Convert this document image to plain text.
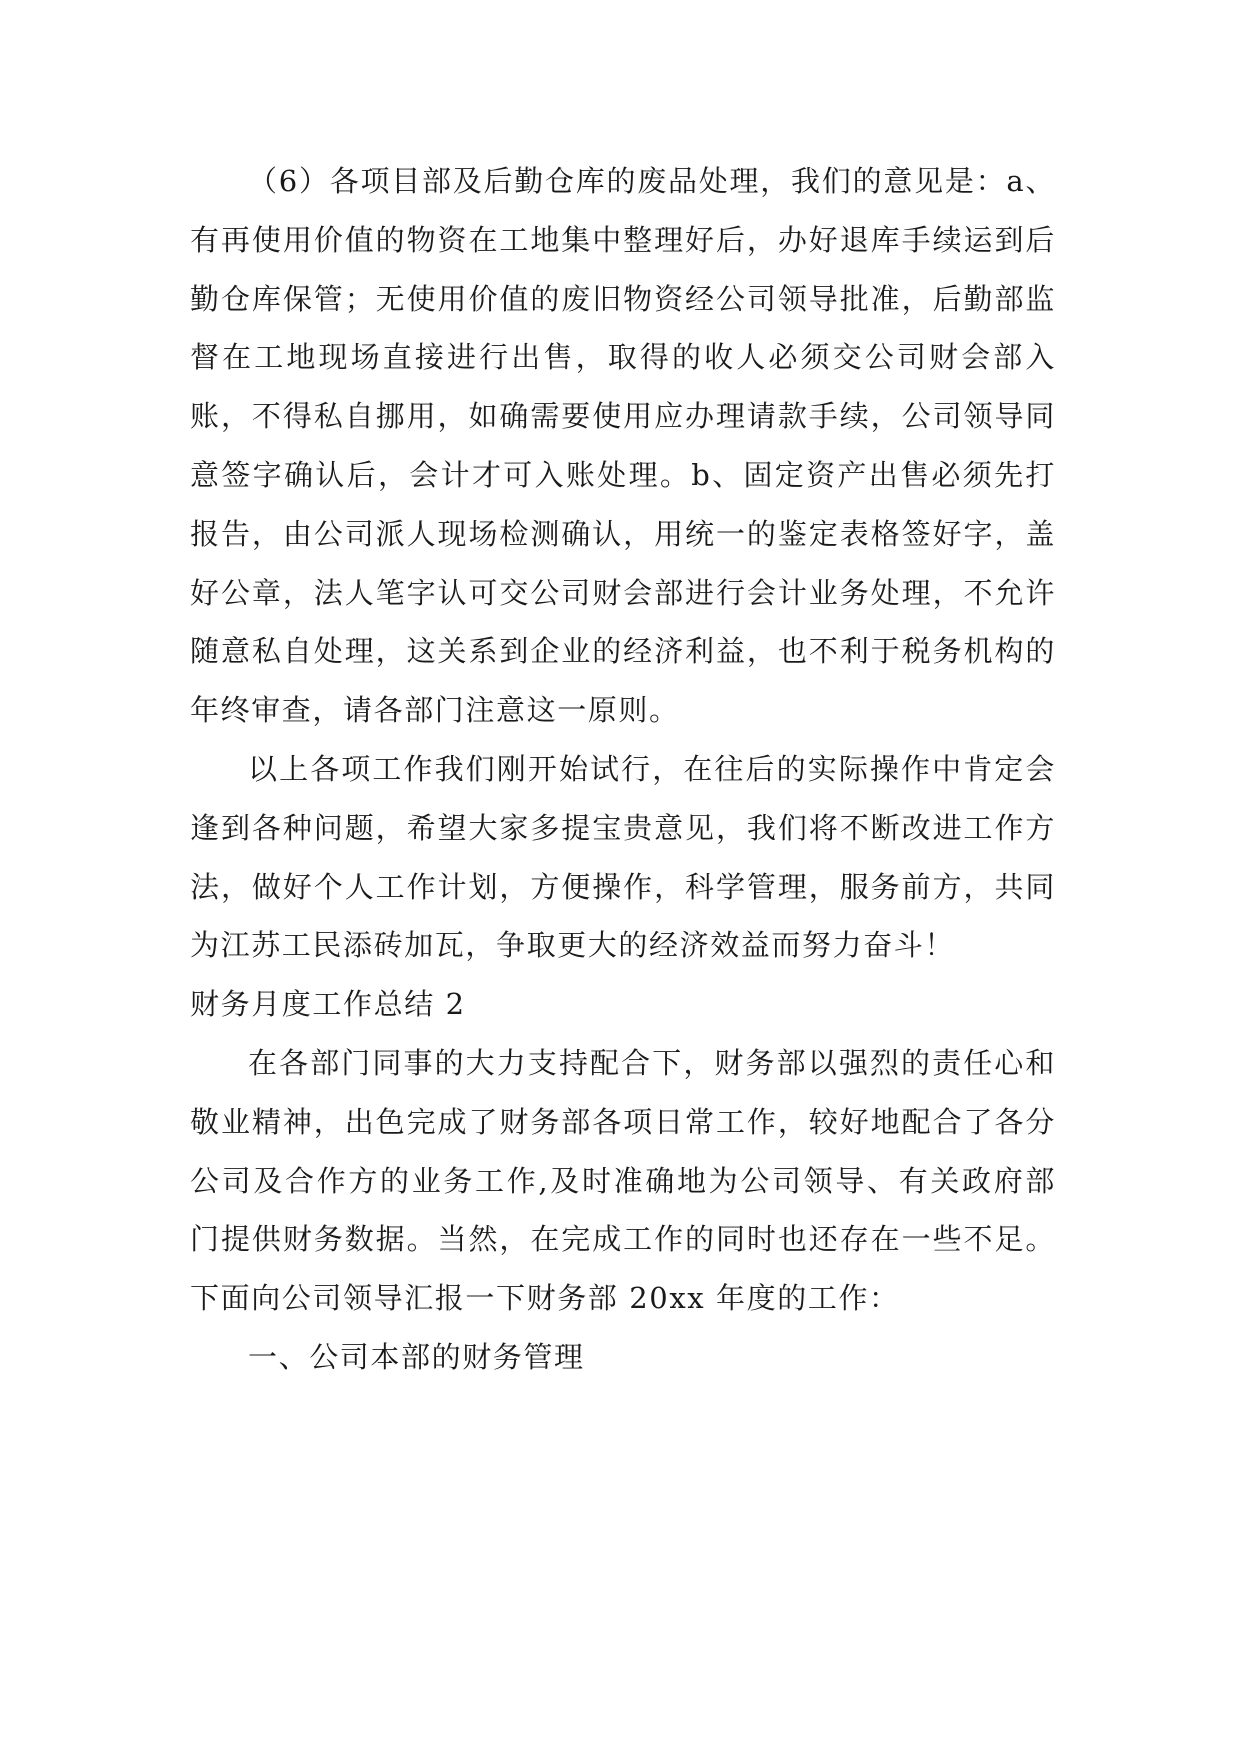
（6）各项目部及后勤仓库的废品处理，我们的意见是：a、有再使用价值的物资在工地集中整理好后，办好退库手续运到后勤仓库保管；无使用价值的废旧物资经公司领导批准，后勤部监督在工地现场直接进行出售，取得的收人必须交公司财会部入账，不得私自挪用，如确需要使用应办理请款手续，公司领导同意签字确认后，会计才可入账处理。b、固定资产出售必须先打报告，由公司派人现场检测确认，用统一的鉴定表格签好字，盖好公章，法人笔字认可交公司财会部进行会计业务处理，不允许随意私自处理，这关系到企业的经济利益，也不利于税务机构的年终审查，请各部门注意这一原则。

以上各项工作我们刚开始试行，在往后的实际操作中肯定会逢到各种问题，希望大家多提宝贵意见，我们将不断改进工作方法，做好个人工作计划，方便操作，科学管理，服务前方，共同为江苏工民添砖加瓦，争取更大的经济效益而努力奋斗！

财务月度工作总结 2

在各部门同事的大力支持配合下，财务部以强烈的责任心和敬业精神，出色完成了财务部各项日常工作，较好地配合了各分公司及合作方的业务工作,及时准确地为公司领导、有关政府部门提供财务数据。当然，在完成工作的同时也还存在一些不足。下面向公司领导汇报一下财务部 20xx 年度的工作：

一、公司本部的财务管理
